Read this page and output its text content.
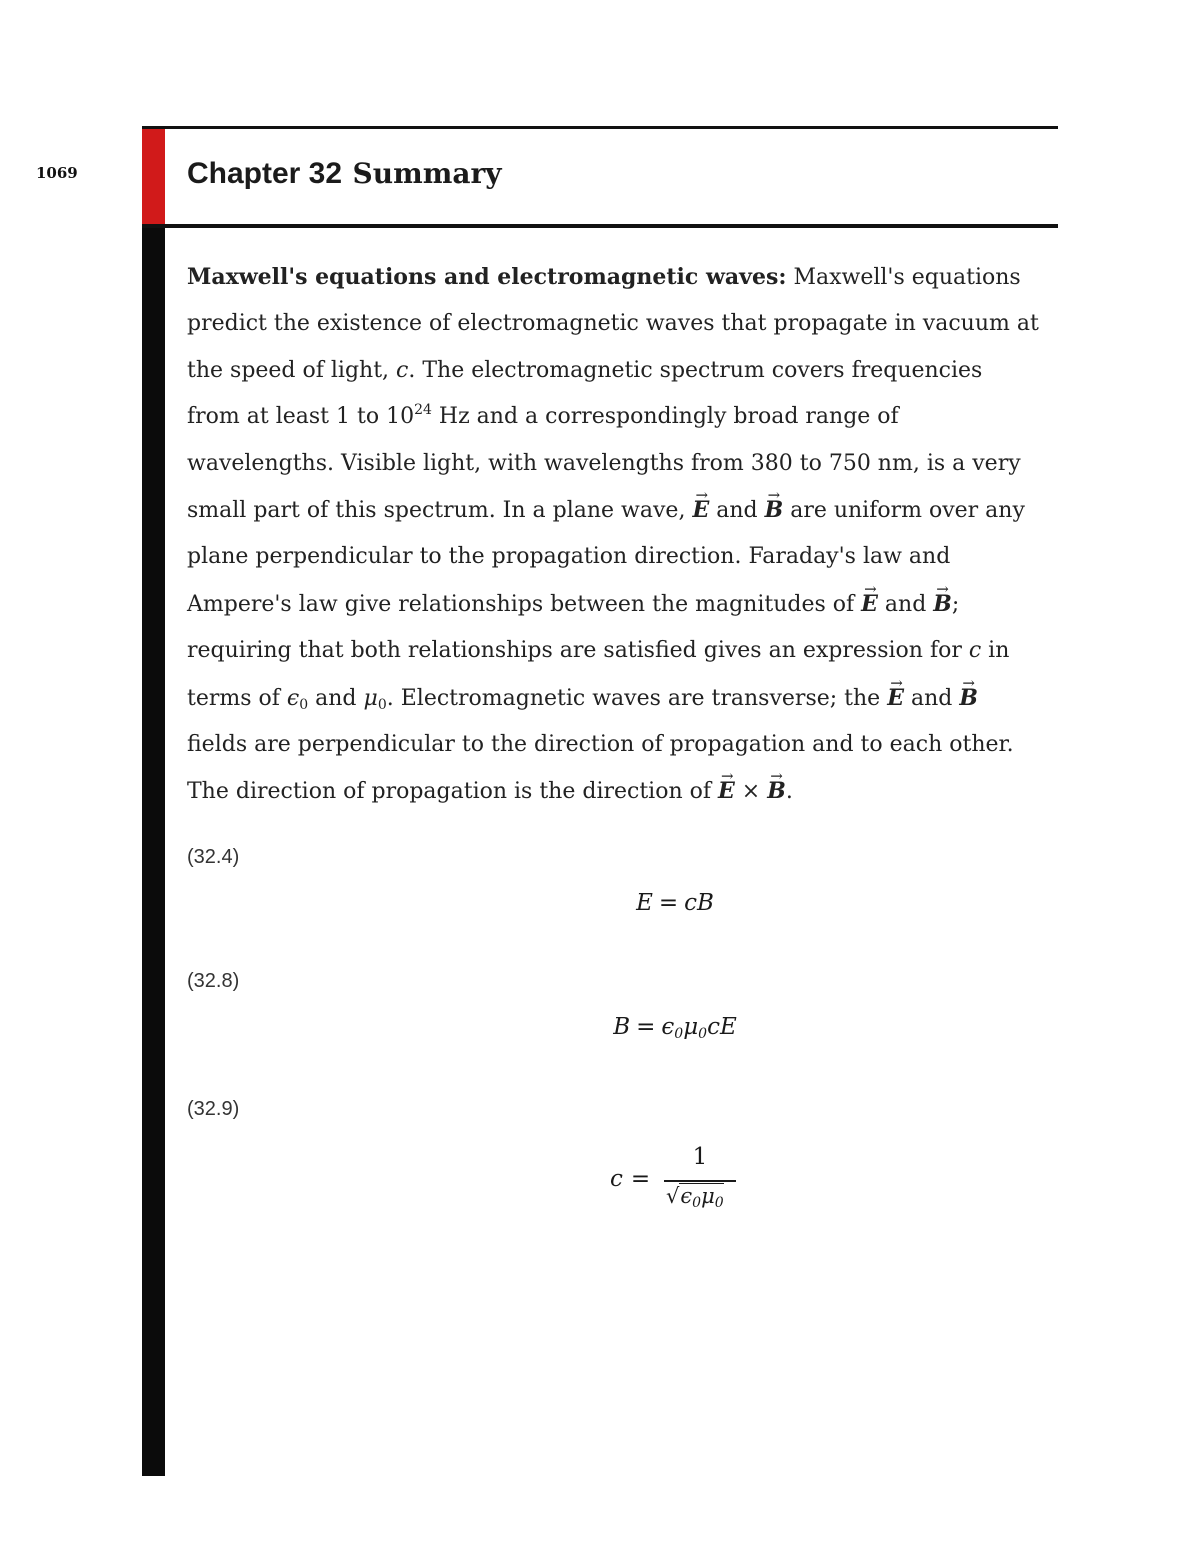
1069	Chapter 32 Summary

Maxwell's equations and electromagnetic waves: Maxwell's equations predict the existence of electromagnetic waves that propagate in vacuum at the speed of light, c. The electromagnetic spectrum covers frequencies from at least 1 to $10^{24}$ Hz and a correspondingly broad range of wavelengths. Visible light, with wavelengths from 380 to 750 nm, is a very small part of this spectrum. In a plane wave, → E and → B are uniform over any plane perpendicular to the propagation direction. Faraday's law and Ampere's law give relationships between the magnitudes of → E and → B; requiring that both relationships are satisfied gives an expression for c in terms of $\epsilon_0$ and $\mu_0$. Electromagnetic waves are transverse; the → E and → B fields are perpendicular to the direction of propagation and to each other. The direction of propagation is the direction of → E × → B.

(32.4)
E = cB
(32.8)
$B = \epsilon_0\mu_0cE$
(32.9)
c =
1
$√\epsilon_0\mu_0$
